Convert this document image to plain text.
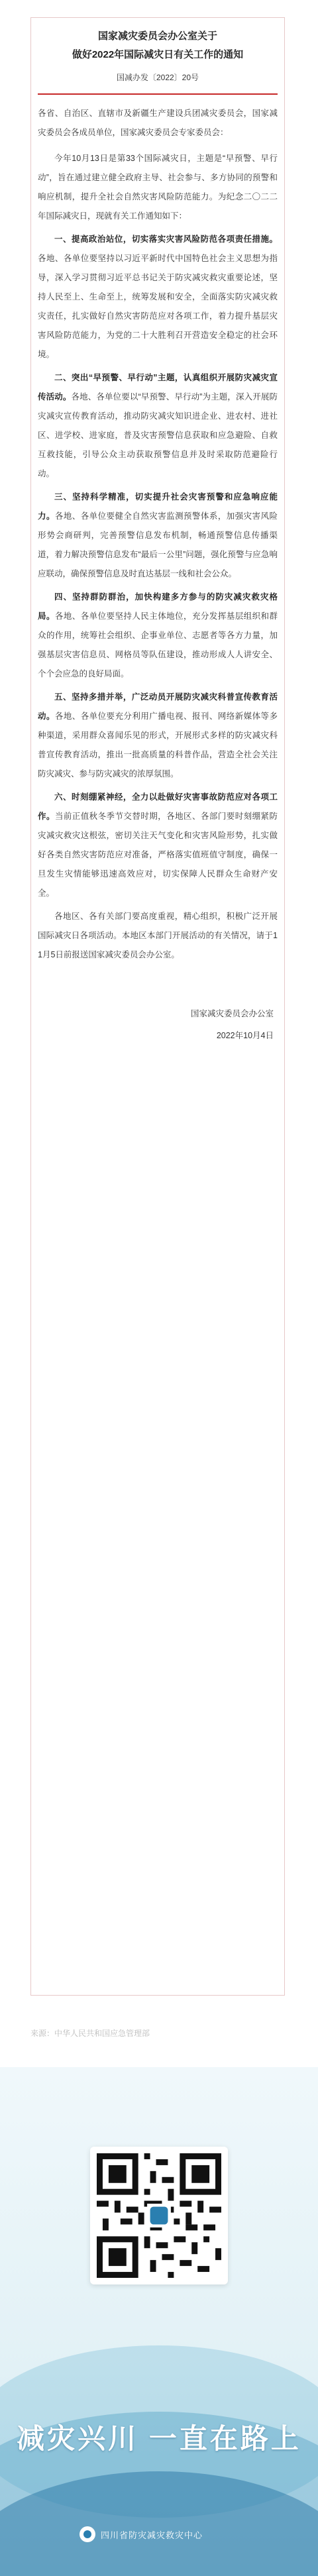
国家减灾委员会办公室关于
做好2022年国际减灾日有关工作的通知
国减办发〔2022〕20号

各省、自治区、直辖市及新疆生产建设兵团减灾委员会，国家减灾委员会各成员单位，国家减灾委员会专家委员会：

今年10月13日是第33个国际减灾日，主题是“早预警、早行动”，旨在通过建立健全政府主导、社会参与、多方协同的预警和响应机制，提升全社会自然灾害风险防范能力。为纪念二〇二二年国际减灾日，现就有关工作通知如下：

一、提高政治站位，切实落实灾害风险防范各项责任措施。各地、各单位要坚持以习近平新时代中国特色社会主义思想为指导，深入学习贯彻习近平总书记关于防灾减灾救灾重要论述，坚持人民至上、生命至上，统筹发展和安全，全面落实防灾减灾救灾责任，扎实做好自然灾害防范应对各项工作，着力提升基层灾害风险防范能力，为党的二十大胜利召开营造安全稳定的社会环境。

二、突出“早预警、早行动”主题，认真组织开展防灾减灾宣传活动。各地、各单位要以“早预警、早行动”为主题，深入开展防灾减灾宣传教育活动，推动防灾减灾知识进企业、进农村、进社区、进学校、进家庭，普及灾害预警信息获取和应急避险、自救互救技能，引导公众主动获取预警信息并及时采取防范避险行动。

三、坚持科学精准，切实提升社会灾害预警和应急响应能力。各地、各单位要健全自然灾害监测预警体系，加强灾害风险形势会商研判，完善预警信息发布机制，畅通预警信息传播渠道，着力解决预警信息发布“最后一公里”问题，强化预警与应急响应联动，确保预警信息及时直达基层一线和社会公众。

四、坚持群防群治，加快构建多方参与的防灾减灾救灾格局。各地、各单位要坚持人民主体地位，充分发挥基层组织和群众的作用，统筹社会组织、企事业单位、志愿者等各方力量，加强基层灾害信息员、网格员等队伍建设，推动形成人人讲安全、个个会应急的良好局面。

五、坚持多措并举，广泛动员开展防灾减灾科普宣传教育活动。各地、各单位要充分利用广播电视、报刊、网络新媒体等多种渠道，采用群众喜闻乐见的形式，开展形式多样的防灾减灾科普宣传教育活动，推出一批高质量的科普作品，营造全社会关注防灾减灾、参与防灾减灾的浓厚氛围。

六、时刻绷紧神经，全力以赴做好灾害事故防范应对各项工作。当前正值秋冬季节交替时期，各地区、各部门要时刻绷紧防灾减灾救灾这根弦，密切关注天气变化和灾害风险形势，扎实做好各类自然灾害防范应对准备，严格落实值班值守制度，确保一旦发生灾情能够迅速高效应对，切实保障人民群众生命财产安全。

各地区、各有关部门要高度重视，精心组织，积极广泛开展国际减灾日各项活动。本地区本部门开展活动的有关情况，请于11月5日前报送国家减灾委员会办公室。

国家减灾委员会办公室
2022年10月4日
来源：中华人民共和国应急管理部
减灾兴川 一直在路上
四川省防灾减灾救灾中心
